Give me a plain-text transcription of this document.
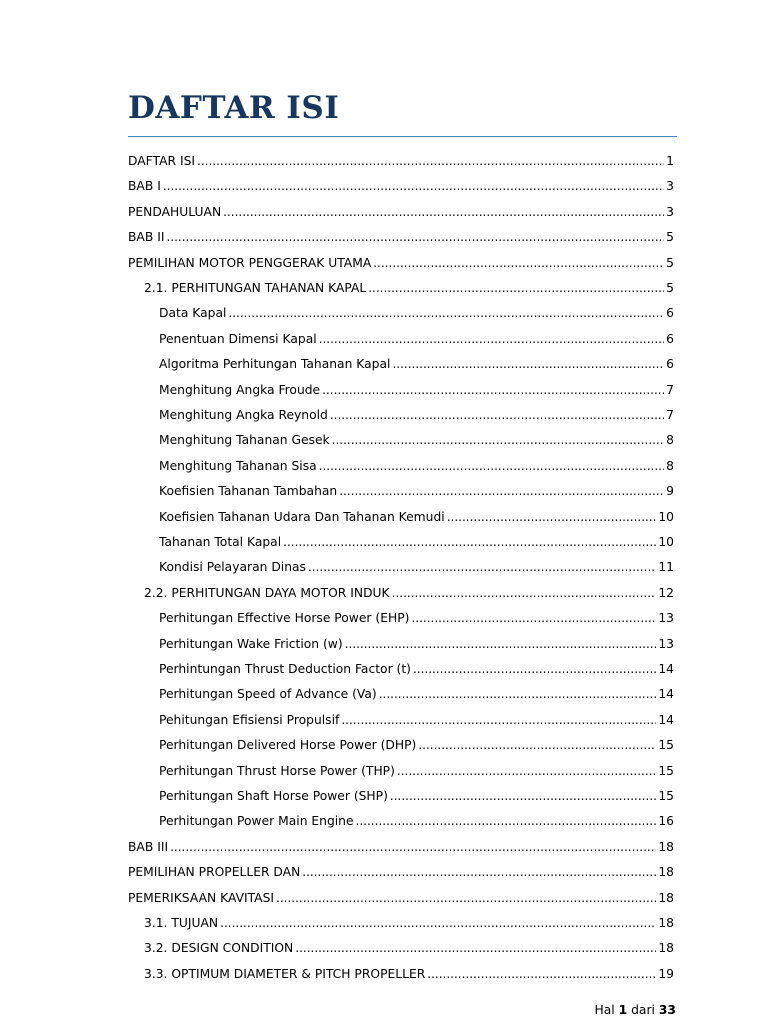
DAFTAR ISI
DAFTAR ISI .....	1
BAB I .....	3
PENDAHULUAN .....	3
BAB II .....	5
PEMILIHAN MOTOR PENGGERAK UTAMA .....	5
2.1. PERHITUNGAN TAHANAN KAPAL .....	5
Data Kapal .....	6
Penentuan Dimensi Kapal .....	6
Algoritma Perhitungan Tahanan Kapal .....	6
Menghitung Angka Froude .....	7
Menghitung Angka Reynold .....	7
Menghitung Tahanan Gesek .....	8
Menghitung Tahanan Sisa .....	8
Koefisien Tahanan Tambahan .....	9
Koefisien Tahanan Udara Dan Tahanan Kemudi .....	10
Tahanan Total Kapal .....	10
Kondisi Pelayaran Dinas .....	11
2.2. PERHITUNGAN DAYA MOTOR INDUK .....	12
Perhitungan Effective Horse Power (EHP) .....	13
Perhitungan Wake Friction (w) .....	13
Perhintungan Thrust Deduction Factor (t) .....	14
Perhitungan Speed of Advance (Va) .....	14
Pehitungan Efisiensi Propulsif .....	14
Perhitungan Delivered Horse Power (DHP) .....	15
Perhitungan Thrust Horse Power (THP) .....	15
Perhitungan Shaft Horse Power (SHP) .....	15
Perhitungan Power Main Engine .....	16
BAB III .....	18
PEMILIHAN PROPELLER DAN .....	18
PEMERIKSAAN KAVITASI .....	18
3.1. TUJUAN .....	18
3.2. DESIGN CONDITION .....	18
3.3. OPTIMUM DIAMETER & PITCH PROPELLER .....	19
Hal 1 dari 33
